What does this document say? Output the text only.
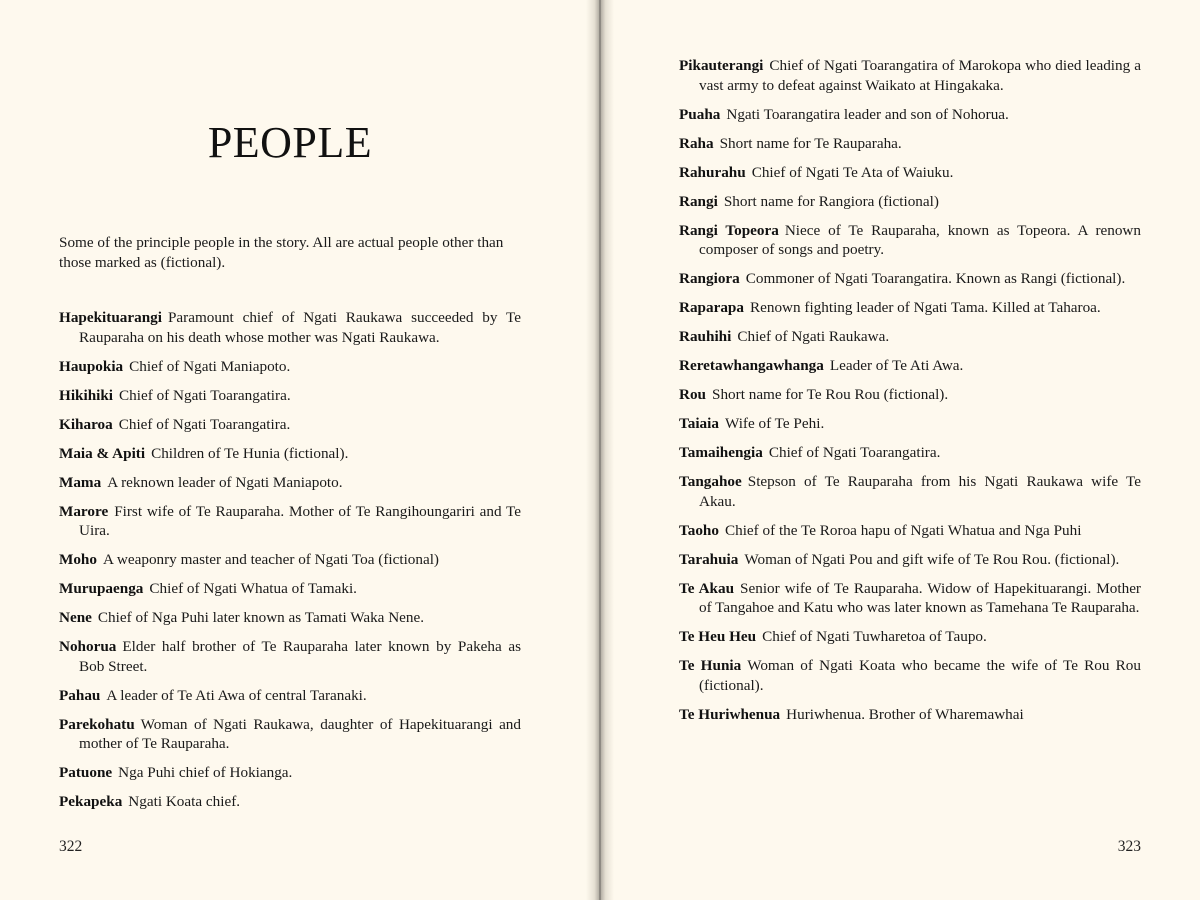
PEOPLE

Some of the principle people in the story. All are actual people other than those marked as (fictional).

Hapekituarangi Paramount chief of Ngati Raukawa succeeded by Te Rauparaha on his death whose mother was Ngati Raukawa.

Haupokia Chief of Ngati Maniapoto.

Hikihiki Chief of Ngati Toarangatira.

Kiharoa Chief of Ngati Toarangatira.

Maia & Apiti Children of Te Hunia (fictional).

Mama A reknown leader of Ngati Maniapoto.

Marore First wife of Te Rauparaha. Mother of Te Rangihoungariri and Te Uira.

Moho A weaponry master and teacher of Ngati Toa (fictional)

Murupaenga Chief of Ngati Whatua of Tamaki.

Nene Chief of Nga Puhi later known as Tamati Waka Nene.

Nohorua Elder half brother of Te Rauparaha later known by Pakeha as Bob Street.

Pahau A leader of Te Ati Awa of central Taranaki.

Parekohatu Woman of Ngati Raukawa, daughter of Hapekituarangi and mother of Te Rauparaha.

Patuone Nga Puhi chief of Hokianga.

Pekapeka Ngati Koata chief.

322

Pikauterangi Chief of Ngati Toarangatira of Marokopa who died leading a vast army to defeat against Waikato at Hingakaka.

Puaha Ngati Toarangatira leader and son of Nohorua.

Raha Short name for Te Rauparaha.

Rahurahu Chief of Ngati Te Ata of Waiuku.

Rangi Short name for Rangiora (fictional)

Rangi Topeora Niece of Te Rauparaha, known as Topeora. A renown composer of songs and poetry.

Rangiora Commoner of Ngati Toarangatira. Known as Rangi (fictional).

Raparapa Renown fighting leader of Ngati Tama. Killed at Taharoa.

Rauhihi Chief of Ngati Raukawa.

Reretawhangawhanga Leader of Te Ati Awa.

Rou Short name for Te Rou Rou (fictional).

Taiaia Wife of Te Pehi.

Tamaihengia Chief of Ngati Toarangatira.

Tangahoe Stepson of Te Rauparaha from his Ngati Raukawa wife Te Akau.

Taoho Chief of the Te Roroa hapu of Ngati Whatua and Nga Puhi

Tarahuia Woman of Ngati Pou and gift wife of Te Rou Rou. (fictional).

Te Akau Senior wife of Te Rauparaha. Widow of Hapekituarangi. Mother of Tangahoe and Katu who was later known as Tamehana Te Rauparaha.

Te Heu Heu Chief of Ngati Tuwharetoa of Taupo.

Te Hunia Woman of Ngati Koata who became the wife of Te Rou Rou (fictional).

Te Huriwhenua Huriwhenua. Brother of Wharemawhai

323
